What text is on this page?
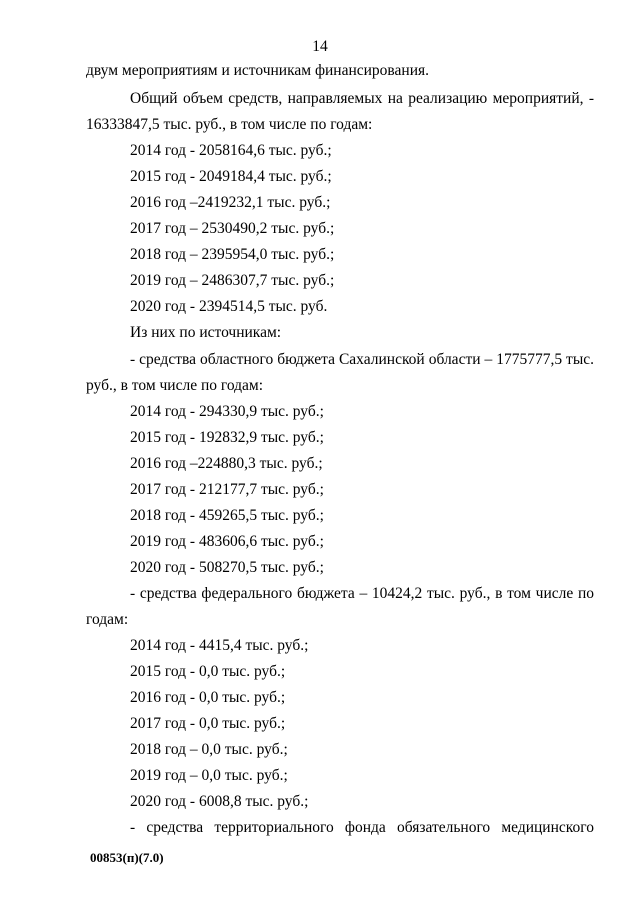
14
двум мероприятиям и источникам финансирования.
Общий объем средств, направляемых на реализацию мероприятий, -
16333847,5 тыс. руб., в том числе по годам:
2014 год - 2058164,6 тыс. руб.;
2015 год - 2049184,4 тыс. руб.;
2016 год –2419232,1 тыс. руб.;
2017 год – 2530490,2 тыс. руб.;
2018 год – 2395954,0 тыс. руб.;
2019 год – 2486307,7 тыс. руб.;
2020 год - 2394514,5 тыс. руб.
Из них по источникам:
- средства областного бюджета Сахалинской области – 1775777,5 тыс.
руб., в том числе по годам:
2014 год - 294330,9 тыс. руб.;
2015 год - 192832,9 тыс. руб.;
2016 год –224880,3 тыс. руб.;
2017 год - 212177,7 тыс. руб.;
2018 год - 459265,5 тыс. руб.;
2019 год - 483606,6 тыс. руб.;
2020 год - 508270,5 тыс. руб.;
- средства федерального бюджета – 10424,2 тыс. руб., в том числе по
годам:
2014 год - 4415,4 тыс. руб.;
2015 год - 0,0 тыс. руб.;
2016 год - 0,0 тыс. руб.;
2017 год - 0,0 тыс. руб.;
2018 год – 0,0 тыс. руб.;
2019 год – 0,0 тыс. руб.;
2020 год - 6008,8 тыс. руб.;
- средства территориального фонда обязательного медицинского
00853(п)(7.0)
